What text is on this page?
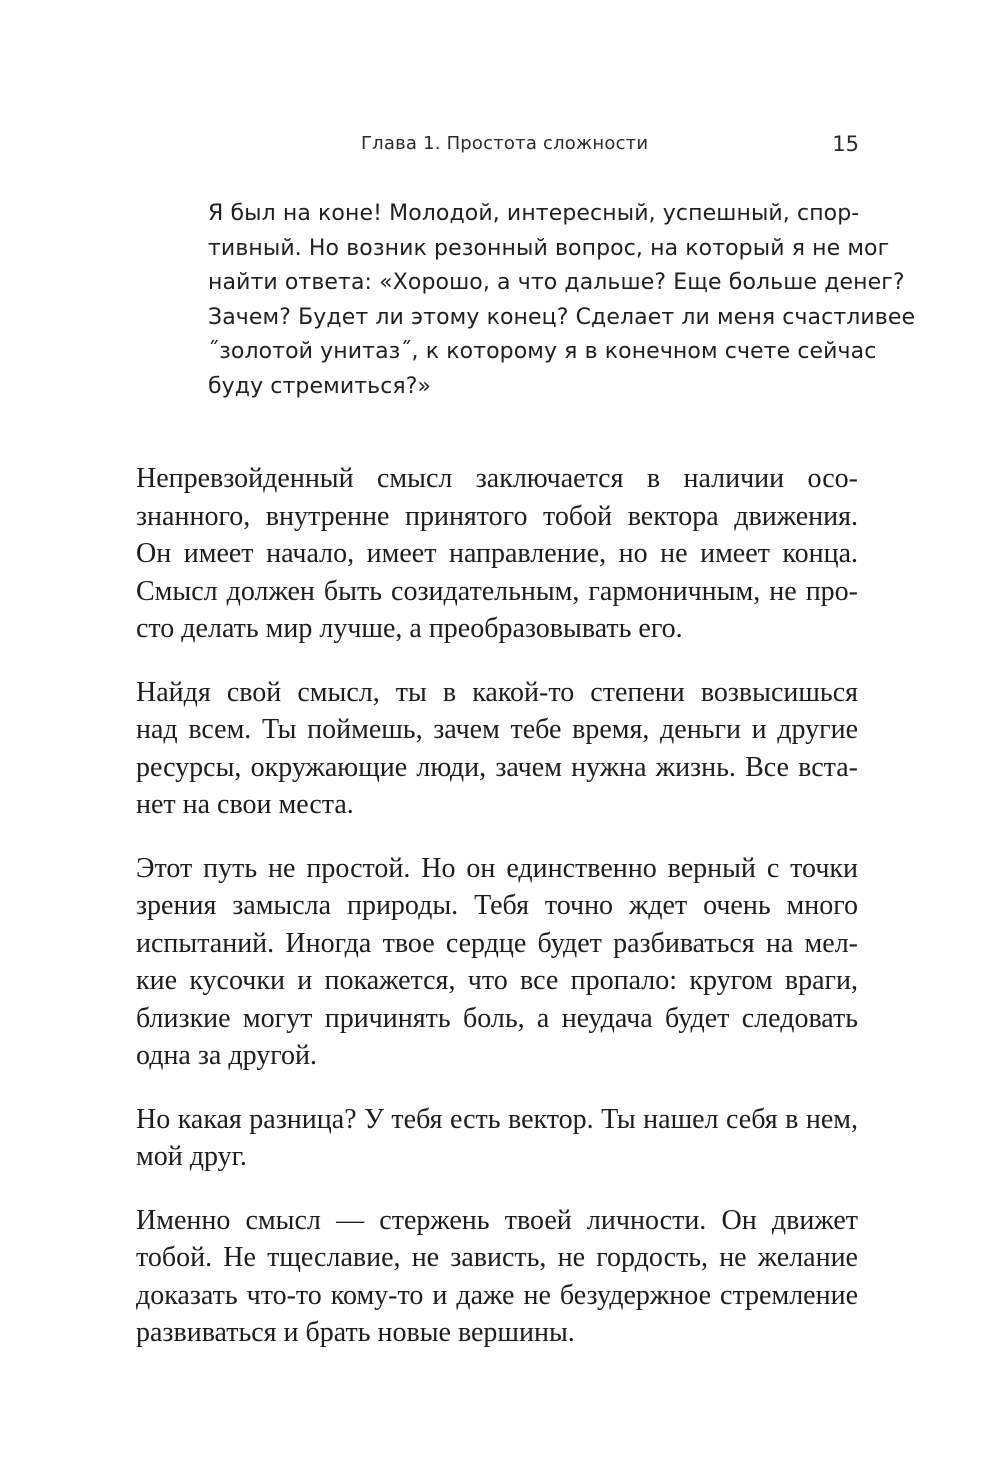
Глава 1. Простота сложности	15
Я был на коне! Молодой, интересный, успешный, спор-
тивный. Но возник резонный вопрос, на который я не мог
найти ответа: «Хорошо, а что дальше? Еще больше денег?
Зачем? Будет ли этому конец? Сделает ли меня счастливее
˝золотой унитаз˝, к которому я в конечном счете сейчас
буду стремиться?»

Непревзойденный смысл заключается в наличии осо-
знанного, внутренне принятого тобой вектора движения.
Он имеет начало, имеет направление, но не имеет конца.
Смысл должен быть созидательным, гармоничным, не про-
сто делать мир лучше, а преобразовывать его.

Найдя свой смысл, ты в какой-то степени возвысишься
над всем. Ты поймешь, зачем тебе время, деньги и другие
ресурсы, окружающие люди, зачем нужна жизнь. Все вста-
нет на свои места.

Этот путь не простой. Но он единственно верный с точки
зрения замысла природы. Тебя точно ждет очень много
испытаний. Иногда твое сердце будет разбиваться на мел-
кие кусочки и покажется, что все пропало: кругом враги,
близкие могут причинять боль, а неудача будет следовать
одна за другой.

Но какая разница? У тебя есть вектор. Ты нашел себя в нем,
мой друг.

Именно смысл — стержень твоей личности. Он движет
тобой. Не тщеславие, не зависть, не гордость, не желание
доказать что-то кому-то и даже не безудержное стремление
развиваться и брать новые вершины.
